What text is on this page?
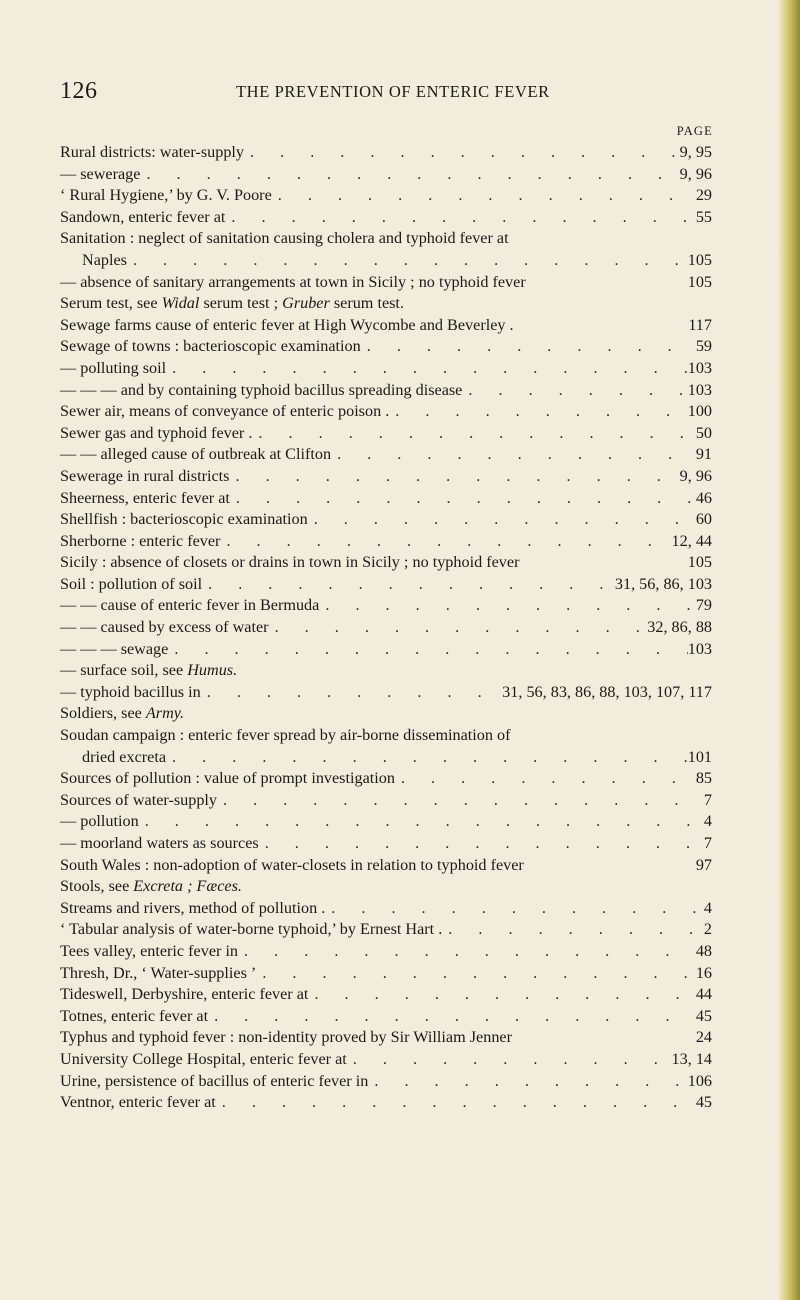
126	THE PREVENTION OF ENTERIC FEVER
PAGE
Rural districts: water-supply . . .	9, 95
— sewerage . . .	9, 96
‘ Rural Hygiene,’ by G. V. Poore . . .	29
Sandown, enteric fever at . . .	55
Sanitation : neglect of sanitation causing cholera and typhoid fever at
Naples . . .	105
— absence of sanitary arrangements at town in Sicily ; no typhoid fever	105
Serum test, see Widal serum test ; Gruber serum test.
Sewage farms cause of enteric fever at High Wycombe and Beverley .	117
Sewage of towns : bacterioscopic examination . . .	59
— polluting soil . . .	103
— — — and by containing typhoid bacillus spreading disease . . .	103
Sewer air, means of conveyance of enteric poison . . . .	100
Sewer gas and typhoid fever . . . .	50
— — alleged cause of outbreak at Clifton . . .	91
Sewerage in rural districts . . .	9, 96
Sheerness, enteric fever at . . .	46
Shellfish : bacterioscopic examination . . .	60
Sherborne : enteric fever . . .	12, 44
Sicily : absence of closets or drains in town in Sicily ; no typhoid fever	105
Soil : pollution of soil . . .	31, 56, 86, 103
— — cause of enteric fever in Bermuda . . .	79
— — caused by excess of water . . .	32, 86, 88
— — — sewage . . .	103
— surface soil, see Humus.
— typhoid bacillus in . . .	31, 56, 83, 86, 88, 103, 107, 117
Soldiers, see Army.
Soudan campaign : enteric fever spread by air-borne dissemination of
dried excreta . . .	101
Sources of pollution : value of prompt investigation . . .	85
Sources of water-supply . . .	7
— pollution . . .	4
— moorland waters as sources . . .	7
South Wales : non-adoption of water-closets in relation to typhoid fever	97
Stools, see Excreta ; Fæces.
Streams and rivers, method of pollution . . . .	4
‘ Tabular analysis of water-borne typhoid,’ by Ernest Hart . . . .	2
Tees valley, enteric fever in . . .	48
Thresh, Dr., ‘ Water-supplies ’ . . .	16
Tideswell, Derbyshire, enteric fever at . . .	44
Totnes, enteric fever at . . .	45
Typhus and typhoid fever : non-identity proved by Sir William Jenner	24
University College Hospital, enteric fever at . . .	13, 14
Urine, persistence of bacillus of enteric fever in . . .	106
Ventnor, enteric fever at . . .	45
